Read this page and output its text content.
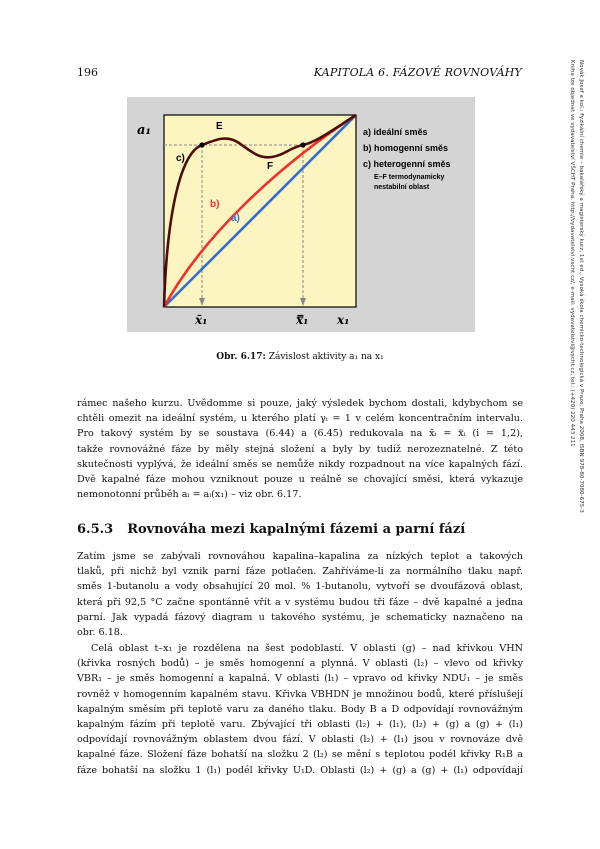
196	KAPITOLA 6. FÁZOVÉ ROVNOVÁHY	Novák Josef a kol.: Fyzikální chemie – bakalářský a magisterský kurz, 1st ed., Vysoká škola chemicko-technologická v Praze, Praha 2008, ISBN 978-80-7080-675-3
Kniha lze objednat ve vydavatelství VŠCHT Praha, http://vydavatelstvi.vscht.cz/, e-mail: vydavatelstvi@vscht.cz, tel.: (+420) 220 443 211
a₁	E
F
c)
b)
a)
x̄₁	x̿₁ x₁
a) ideální směs
b) homogenní směs
c) heterogenní směs
E–F termodynamicky
nestabilní oblast
Obr. 6.17: Závislost aktivity a₁ na x₁
rámec našeho kurzu. Uvědomme si pouze, jaký výsledek bychom dostali, kdybychom se
chtěli omezit na ideální systém, u kterého platí γᵢ = 1 v celém koncentračním intervalu.
Pro takový systém by se soustava (6.44) a (6.45) redukovala na x̄ᵢ = x̿ᵢ (i = 1,2),
takže rovnovážné fáze by měly stejná složení a byly by tudíž nerozeznatelné. Z této
skutečnosti vyplývá, že ideální směs se nemůže nikdy rozpadnout na více kapalných fází.
Dvě kapalné fáze mohou vzniknout pouze u reálně se chovající směsi, která vykazuje
nemonotonní průběh aᵢ = aᵢ(x₁) – viz obr. 6.17.
6.5.3 Rovnováha mezi kapalnými fázemi a parní fází
Zatím jsme se zabývali rovnováhou kapalina–kapalina za nízkých teplot a takových
tlaků, při nichž byl vznik parní fáze potlačen. Zahříváme-li za normálního tlaku např.
směs 1-butanolu a vody obsahující 20 mol. % 1-butanolu, vytvoří se dvoufázová oblast,
která při 92,5 °C začne spontánně vřít a v systému budou tři fáze – dvě kapalné a jedna
parní. Jak vypadá fázový diagram u takového systému, je schematicky naznačeno na
obr. 6.18.
Celá oblast t–x₁ je rozdělena na šest podoblastí. V oblasti (g) – nad křivkou VHN
(křivka rosných bodů) – je směs homogenní a plynná. V oblasti (l₂) – vlevo od křivky
VBR₁ – je směs homogenní a kapalná. V oblasti (l₁) – vpravo od křivky NDU₁ – je směs
rovněž v homogenním kapalném stavu. Křivka VBHDN je množinou bodů, které příslušejí
kapalným směsím při teplotě varu za daného tlaku. Body B a D odpovídají rovnovážným
kapalným fázím při teplotě varu. Zbývající tři oblasti (l₂) + (l₁), (l₂) + (g) a (g) + (l₁)
odpovídají rovnovážným oblastem dvou fází. V oblasti (l₂) + (l₁) jsou v rovnováze dvě
kapalné fáze. Složení fáze bohatší na složku 2 (l₂) se mění s teplotou podél křivky R₁B a
fáze bohatší na složku 1 (l₁) podél křivky U₁D. Oblasti (l₂) + (g) a (g) + (l₁) odpovídají
